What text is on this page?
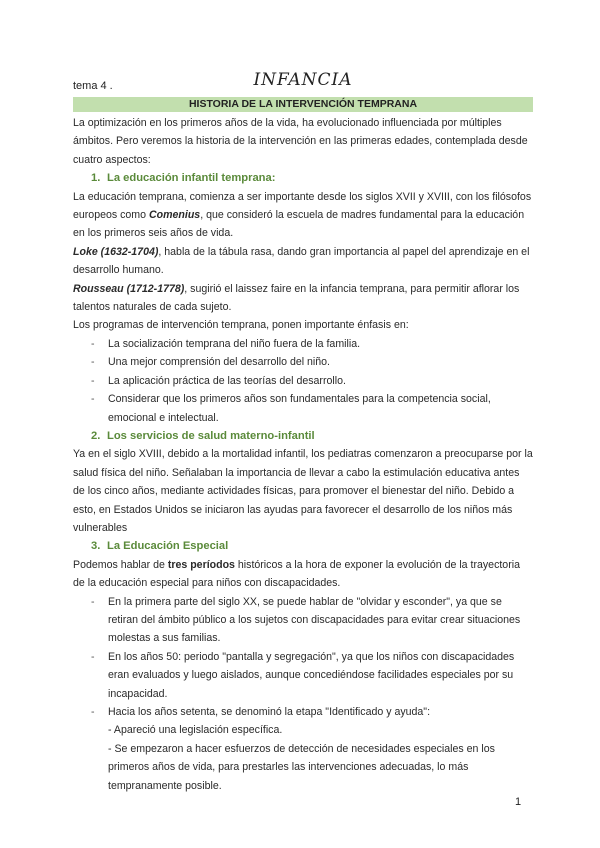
tema 4 .	INFANCIA
HISTORIA DE LA INTERVENCIÓN TEMPRANA

La optimización en los primeros años de la vida, ha evolucionado influenciada por múltiples ámbitos. Pero veremos la historia de la intervención en las primeras edades, contemplada desde cuatro aspectos:

1. La educación infantil temprana:

La educación temprana, comienza a ser importante desde los siglos XVII y XVIII, con los filósofos europeos como Comenius, que consideró la escuela de madres fundamental para la educación en los primeros seis años de vida.

Loke (1632-1704), habla de la tábula rasa, dando gran importancia al papel del aprendizaje en el desarrollo humano.

Rousseau (1712-1778), sugirió el laissez faire en la infancia temprana, para permitir aflorar los talentos naturales de cada sujeto.

Los programas de intervención temprana, ponen importante énfasis en:

- La socialización temprana del niño fuera de la familia.
- Una mejor comprensión del desarrollo del niño.
- La aplicación práctica de las teorías del desarrollo.
- Considerar que los primeros años son fundamentales para la competencia social, emocional e intelectual.
2. Los servicios de salud materno-infantil

Ya en el siglo XVIII, debido a la mortalidad infantil, los pediatras comenzaron a preocuparse por la salud física del niño. Señalaban la importancia de llevar a cabo la estimulación educativa antes de los cinco años, mediante actividades físicas, para promover el bienestar del niño. Debido a esto, en Estados Unidos se iniciaron las ayudas para favorecer el desarrollo de los niños más vulnerables

3. La Educación Especial

Podemos hablar de tres períodos históricos a la hora de exponer la evolución de la trayectoria de la educación especial para niños con discapacidades.

- En la primera parte del siglo XX, se puede hablar de "olvidar y esconder", ya que se retiran del ámbito público a los sujetos con discapacidades para evitar crear situaciones molestas a sus familias.
- En los años 50: periodo "pantalla y segregación", ya que los niños con discapacidades eran evaluados y luego aislados, aunque concediéndose facilidades especiales por su incapacidad.
- Hacia los años setenta, se denominó la etapa "Identificado y ayuda":
- Apareció una legislación específica.
- Se empezaron a hacer esfuerzos de detección de necesidades especiales en los primeros años de vida, para prestarles las intervenciones adecuadas, lo más tempranamente posible.
1
